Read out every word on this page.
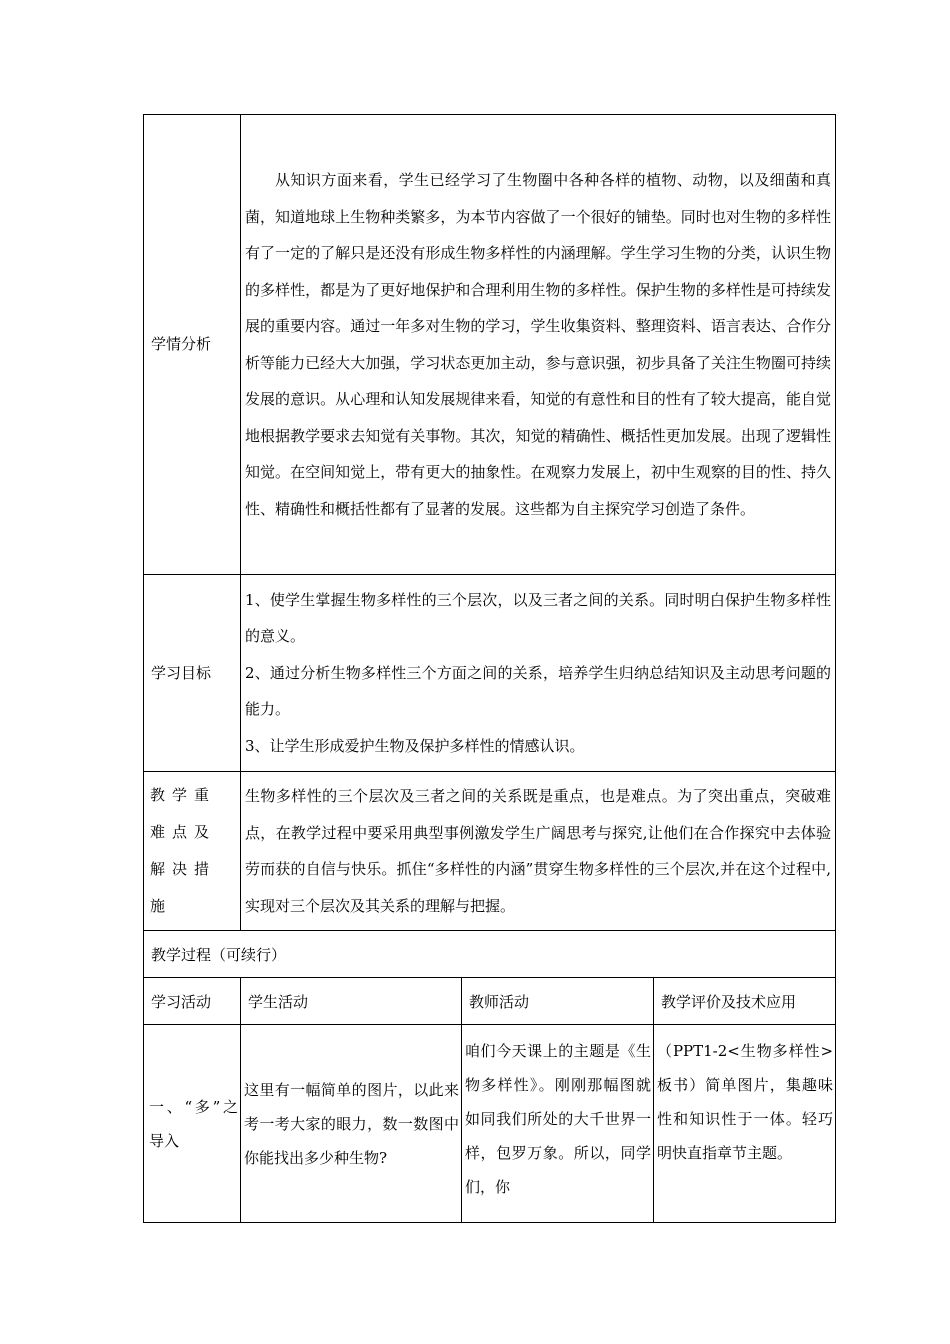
学情分析	从知识方面来看，学生已经学习了生物圈中各种各样的植物、动物，以及细菌和真菌，知道地球上生物种类繁多，为本节内容做了一个很好的铺垫。同时也对生物的多样性有了一定的了解只是还没有形成生物多样性的内涵理解。学生学习生物的分类，认识生物的多样性，都是为了更好地保护和合理利用生物的多样性。保护生物的多样性是可持续发展的重要内容。通过一年多对生物的学习，学生收集资料、整理资料、语言表达、合作分析等能力已经大大加强，学习状态更加主动，参与意识强，初步具备了关注生物圈可持续发展的意识。从心理和认知发展规律来看，知觉的有意性和目的性有了较大提高，能自觉地根据教学要求去知觉有关事物。其次，知觉的精确性、概括性更加发展。出现了逻辑性知觉。在空间知觉上，带有更大的抽象性。在观察力发展上，初中生观察的目的性、持久性、精确性和概括性都有了显著的发展。这些都为自主探究学习创造了条件。		

学习目标	1、使学生掌握生物多样性的三个层次，以及三者之间的关系。同时明白保护生物多样性的意义。

2、通过分析生物多样性三个方面之间的关系，培养学生归纳总结知识及主动思考问题的能力。

3、让学生形成爱护生物及保护多样性的情感认识。		

教学重难点及解决措施	生物多样性的三个层次及三者之间的关系既是重点，也是难点。为了突出重点，突破难点，在教学过程中要采用典型事例激发学生广阔思考与探究,让他们在合作探究中去体验劳而获的自信与快乐。抓住“多样性的内涵”贯穿生物多样性的三个层次,并在这个过程中,实现对三个层次及其关系的理解与把握。		

教学过程（可续行）			
学习活动	学生活动	教师活动	教学评价及技术应用

一、“多”之导入	这里有一幅简单的图片，以此来考一考大家的眼力，数一数图中你能找出多少种生物?	咱们今天课上的主题是《生物多样性》。刚刚那幅图就如同我们所处的大千世界一样，包罗万象。所以，同学们，你	（PPT1-2<生物多样性>板书）简单图片，集趣味性和知识性于一体。轻巧明快直指章节主题。
